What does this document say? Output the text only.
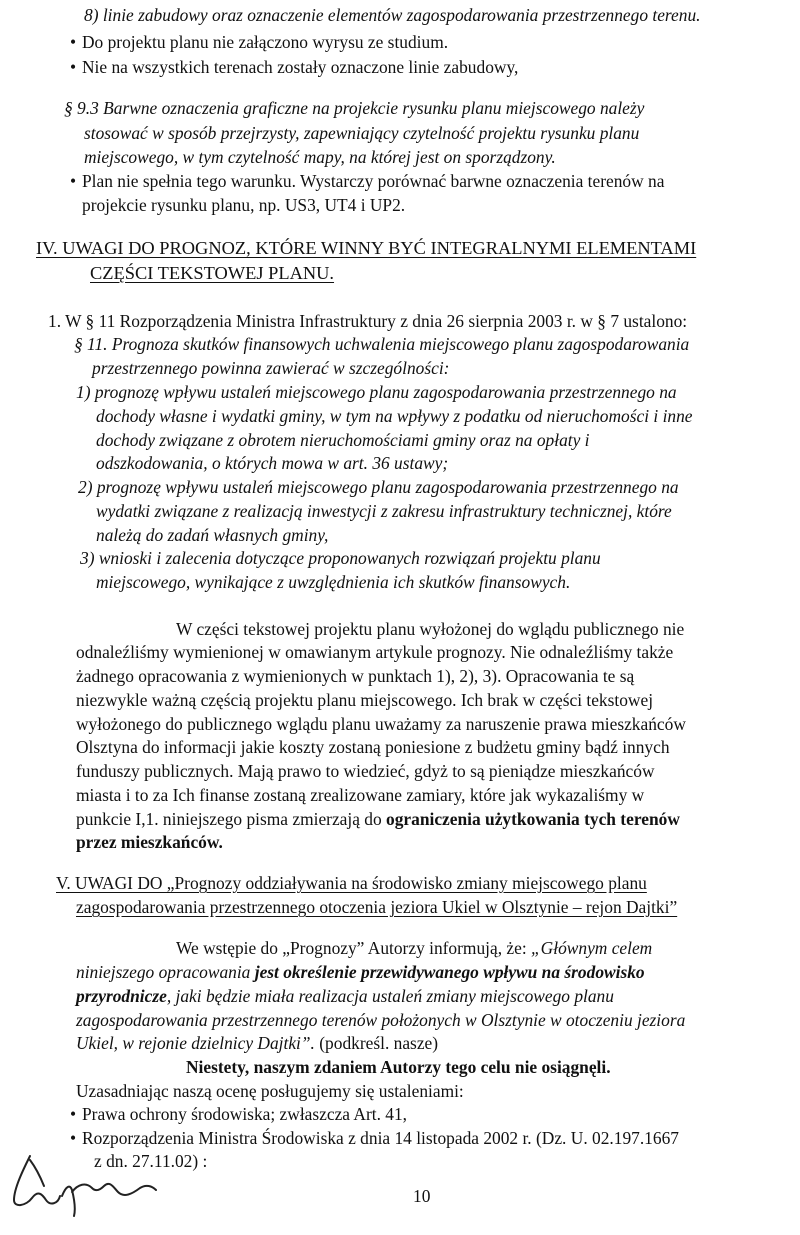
8) linie zabudowy oraz oznaczenie elementów zagospodarowania przestrzennego terenu.
• Do projektu planu nie załączono wyrysu ze studium.
• Nie na wszystkich terenach zostały oznaczone linie zabudowy,
§ 9.3 Barwne oznaczenia graficzne na projekcie rysunku planu miejscowego należy
stosować w sposób przejrzysty, zapewniający czytelność projektu rysunku planu
miejscowego, w tym czytelność mapy, na której jest on sporządzony.
• Plan nie spełnia tego warunku. Wystarczy porównać barwne oznaczenia terenów na
projekcie rysunku planu, np. US3, UT4 i UP2.
IV. UWAGI DO PROGNOZ, KTÓRE WINNY BYĆ INTEGRALNYMI ELEMENTAMI
CZĘŚCI TEKSTOWEJ PLANU.
1. W § 11 Rozporządzenia Ministra Infrastruktury z dnia 26 sierpnia 2003 r. w § 7 ustalono:
§ 11. Prognoza skutków finansowych uchwalenia miejscowego planu zagospodarowania
przestrzennego powinna zawierać w szczególności:
1) prognozę wpływu ustaleń miejscowego planu zagospodarowania przestrzennego na
dochody własne i wydatki gminy, w tym na wpływy z podatku od nieruchomości i inne
dochody związane z obrotem nieruchomościami gminy oraz na opłaty i
odszkodowania, o których mowa w art. 36 ustawy;
2) prognozę wpływu ustaleń miejscowego planu zagospodarowania przestrzennego na
wydatki związane z realizacją inwestycji z zakresu infrastruktury technicznej, które
należą do zadań własnych gminy,
3) wnioski i zalecenia dotyczące proponowanych rozwiązań projektu planu
miejscowego, wynikające z uwzględnienia ich skutków finansowych.
W części tekstowej projektu planu wyłożonej do wglądu publicznego nie
odnaleźliśmy wymienionej w omawianym artykule prognozy. Nie odnaleźliśmy także
żadnego opracowania z wymienionych w punktach 1), 2), 3). Opracowania te są
niezwykle ważną częścią projektu planu miejscowego. Ich brak w części tekstowej
wyłożonego do publicznego wglądu planu uważamy za naruszenie prawa mieszkańców
Olsztyna do informacji jakie koszty zostaną poniesione z budżetu gminy bądź innych
funduszy publicznych. Mają prawo to wiedzieć, gdyż to są pieniądze mieszkańców
miasta i to za Ich finanse zostaną zrealizowane zamiary, które jak wykazaliśmy w
punkcie I,1. niniejszego pisma zmierzają do ograniczenia użytkowania tych terenów
przez mieszkańców.
V. UWAGI DO „Prognozy oddziaływania na środowisko zmiany miejscowego planu
zagospodarowania przestrzennego otoczenia jeziora Ukiel w Olsztynie – rejon Dajtki”
We wstępie do „Prognozy” Autorzy informują, że: „Głównym celem
niniejszego opracowania jest określenie przewidywanego wpływu na środowisko
przyrodnicze, jaki będzie miała realizacja ustaleń zmiany miejscowego planu
zagospodarowania przestrzennego terenów położonych w Olsztynie w otoczeniu jeziora
Ukiel, w rejonie dzielnicy Dajtki”. (podkreśl. nasze)
Niestety, naszym zdaniem Autorzy tego celu nie osiągnęli.
Uzasadniając naszą ocenę posługujemy się ustaleniami:
• Prawa ochrony środowiska; zwłaszcza Art. 41,
• Rozporządzenia Ministra Środowiska z dnia 14 listopada 2002 r. (Dz. U. 02.197.1667
z dn. 27.11.02) :
10
